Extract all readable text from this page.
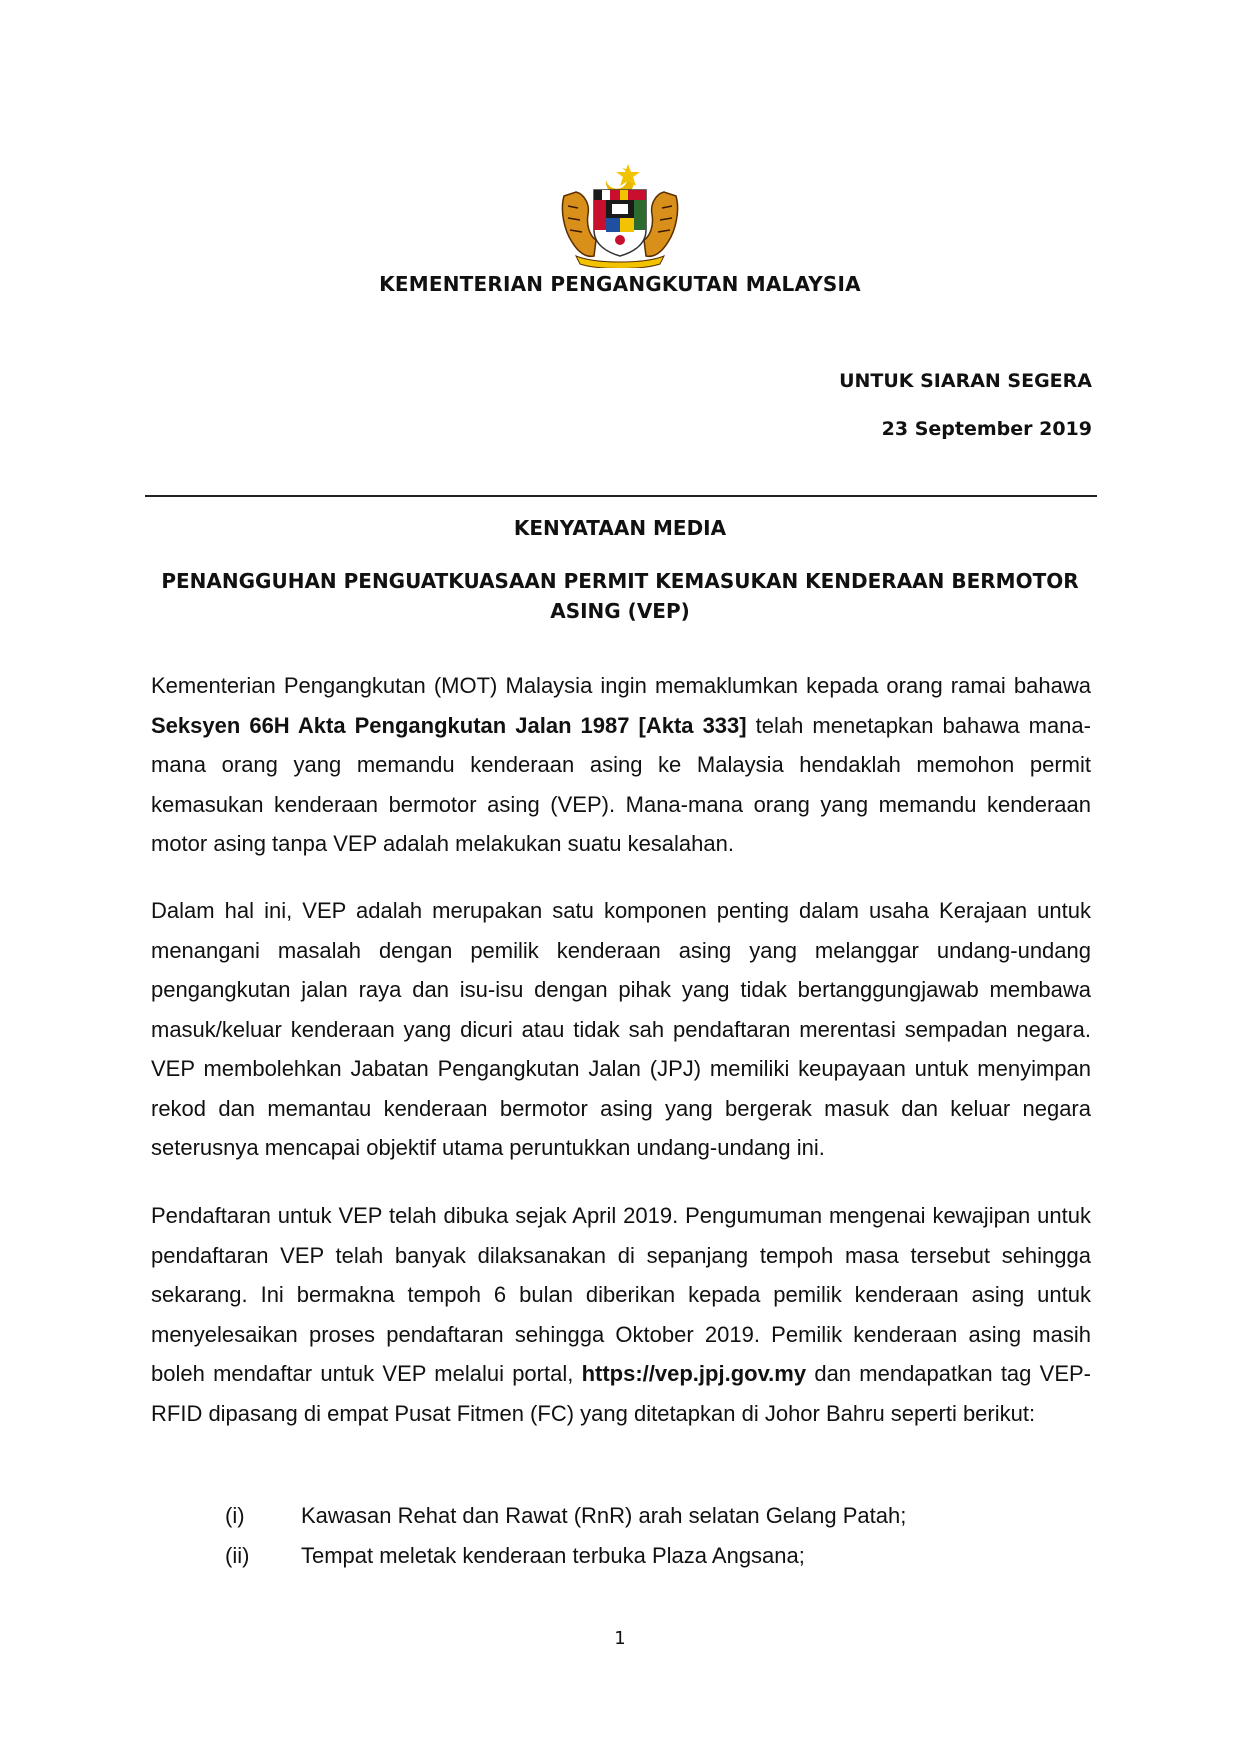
KEMENTERIAN PENGANGKUTAN MALAYSIA
UNTUK SIARAN SEGERA
23 September 2019
KENYATAAN MEDIA
PENANGGUHAN PENGUATKUASAAN PERMIT KEMASUKAN KENDERAAN BERMOTOR
ASING (VEP)

Kementerian Pengangkutan (MOT) Malaysia ingin memaklumkan kepada orang ramai bahawa Seksyen 66H Akta Pengangkutan Jalan 1987 [Akta 333] telah menetapkan bahawa mana-mana orang yang memandu kenderaan asing ke Malaysia hendaklah memohon permit kemasukan kenderaan bermotor asing (VEP). Mana-mana orang yang memandu kenderaan motor asing tanpa VEP adalah melakukan suatu kesalahan.

Dalam hal ini, VEP adalah merupakan satu komponen penting dalam usaha Kerajaan untuk menangani masalah dengan pemilik kenderaan asing yang melanggar undang-undang pengangkutan jalan raya dan isu-isu dengan pihak yang tidak bertanggungjawab membawa masuk/keluar kenderaan yang dicuri atau tidak sah pendaftaran merentasi sempadan negara. VEP membolehkan Jabatan Pengangkutan Jalan (JPJ) memiliki keupayaan untuk menyimpan rekod dan memantau kenderaan bermotor asing yang bergerak masuk dan keluar negara seterusnya mencapai objektif utama peruntukkan undang-undang ini.

Pendaftaran untuk VEP telah dibuka sejak April 2019. Pengumuman mengenai kewajipan untuk pendaftaran VEP telah banyak dilaksanakan di sepanjang tempoh masa tersebut sehingga sekarang. Ini bermakna tempoh 6 bulan diberikan kepada pemilik kenderaan asing untuk menyelesaikan proses pendaftaran sehingga Oktober 2019. Pemilik kenderaan asing masih boleh mendaftar untuk VEP melalui portal, https://vep.jpj.gov.my dan mendapatkan tag VEP-RFID dipasang di empat Pusat Fitmen (FC) yang ditetapkan di Johor Bahru seperti berikut:

(i)	Kawasan Rehat dan Rawat (RnR) arah selatan Gelang Patah;
(ii) Tempat meletak kenderaan terbuka Plaza Angsana;
1
